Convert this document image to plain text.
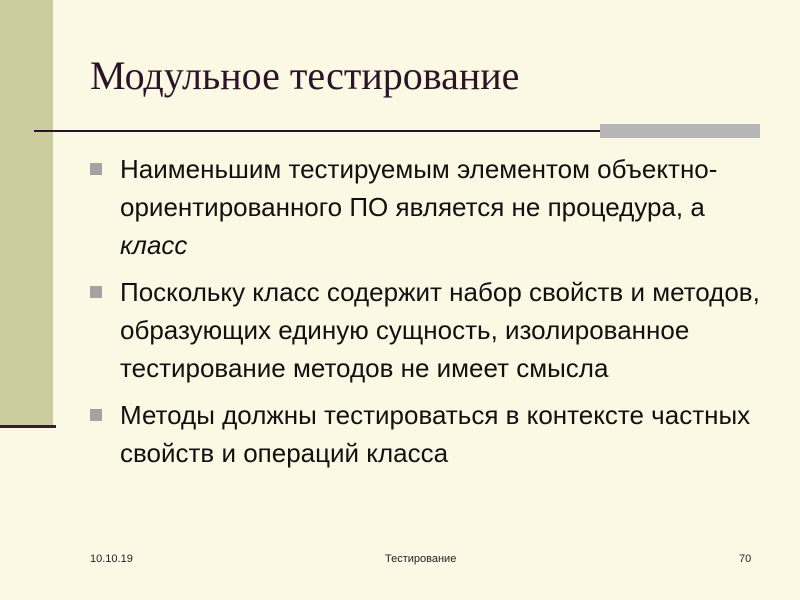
Модульное тестирование
Наименьшим тестируемым элементом объектно-ориентированного ПО является не процедура, а класс
Поскольку класс содержит набор свойств и методов, образующих единую сущность, изолированное тестирование методов не имеет смысла
Методы должны тестироваться в контексте частных свойств и операций класса
10.10.19	Тестирование	70
